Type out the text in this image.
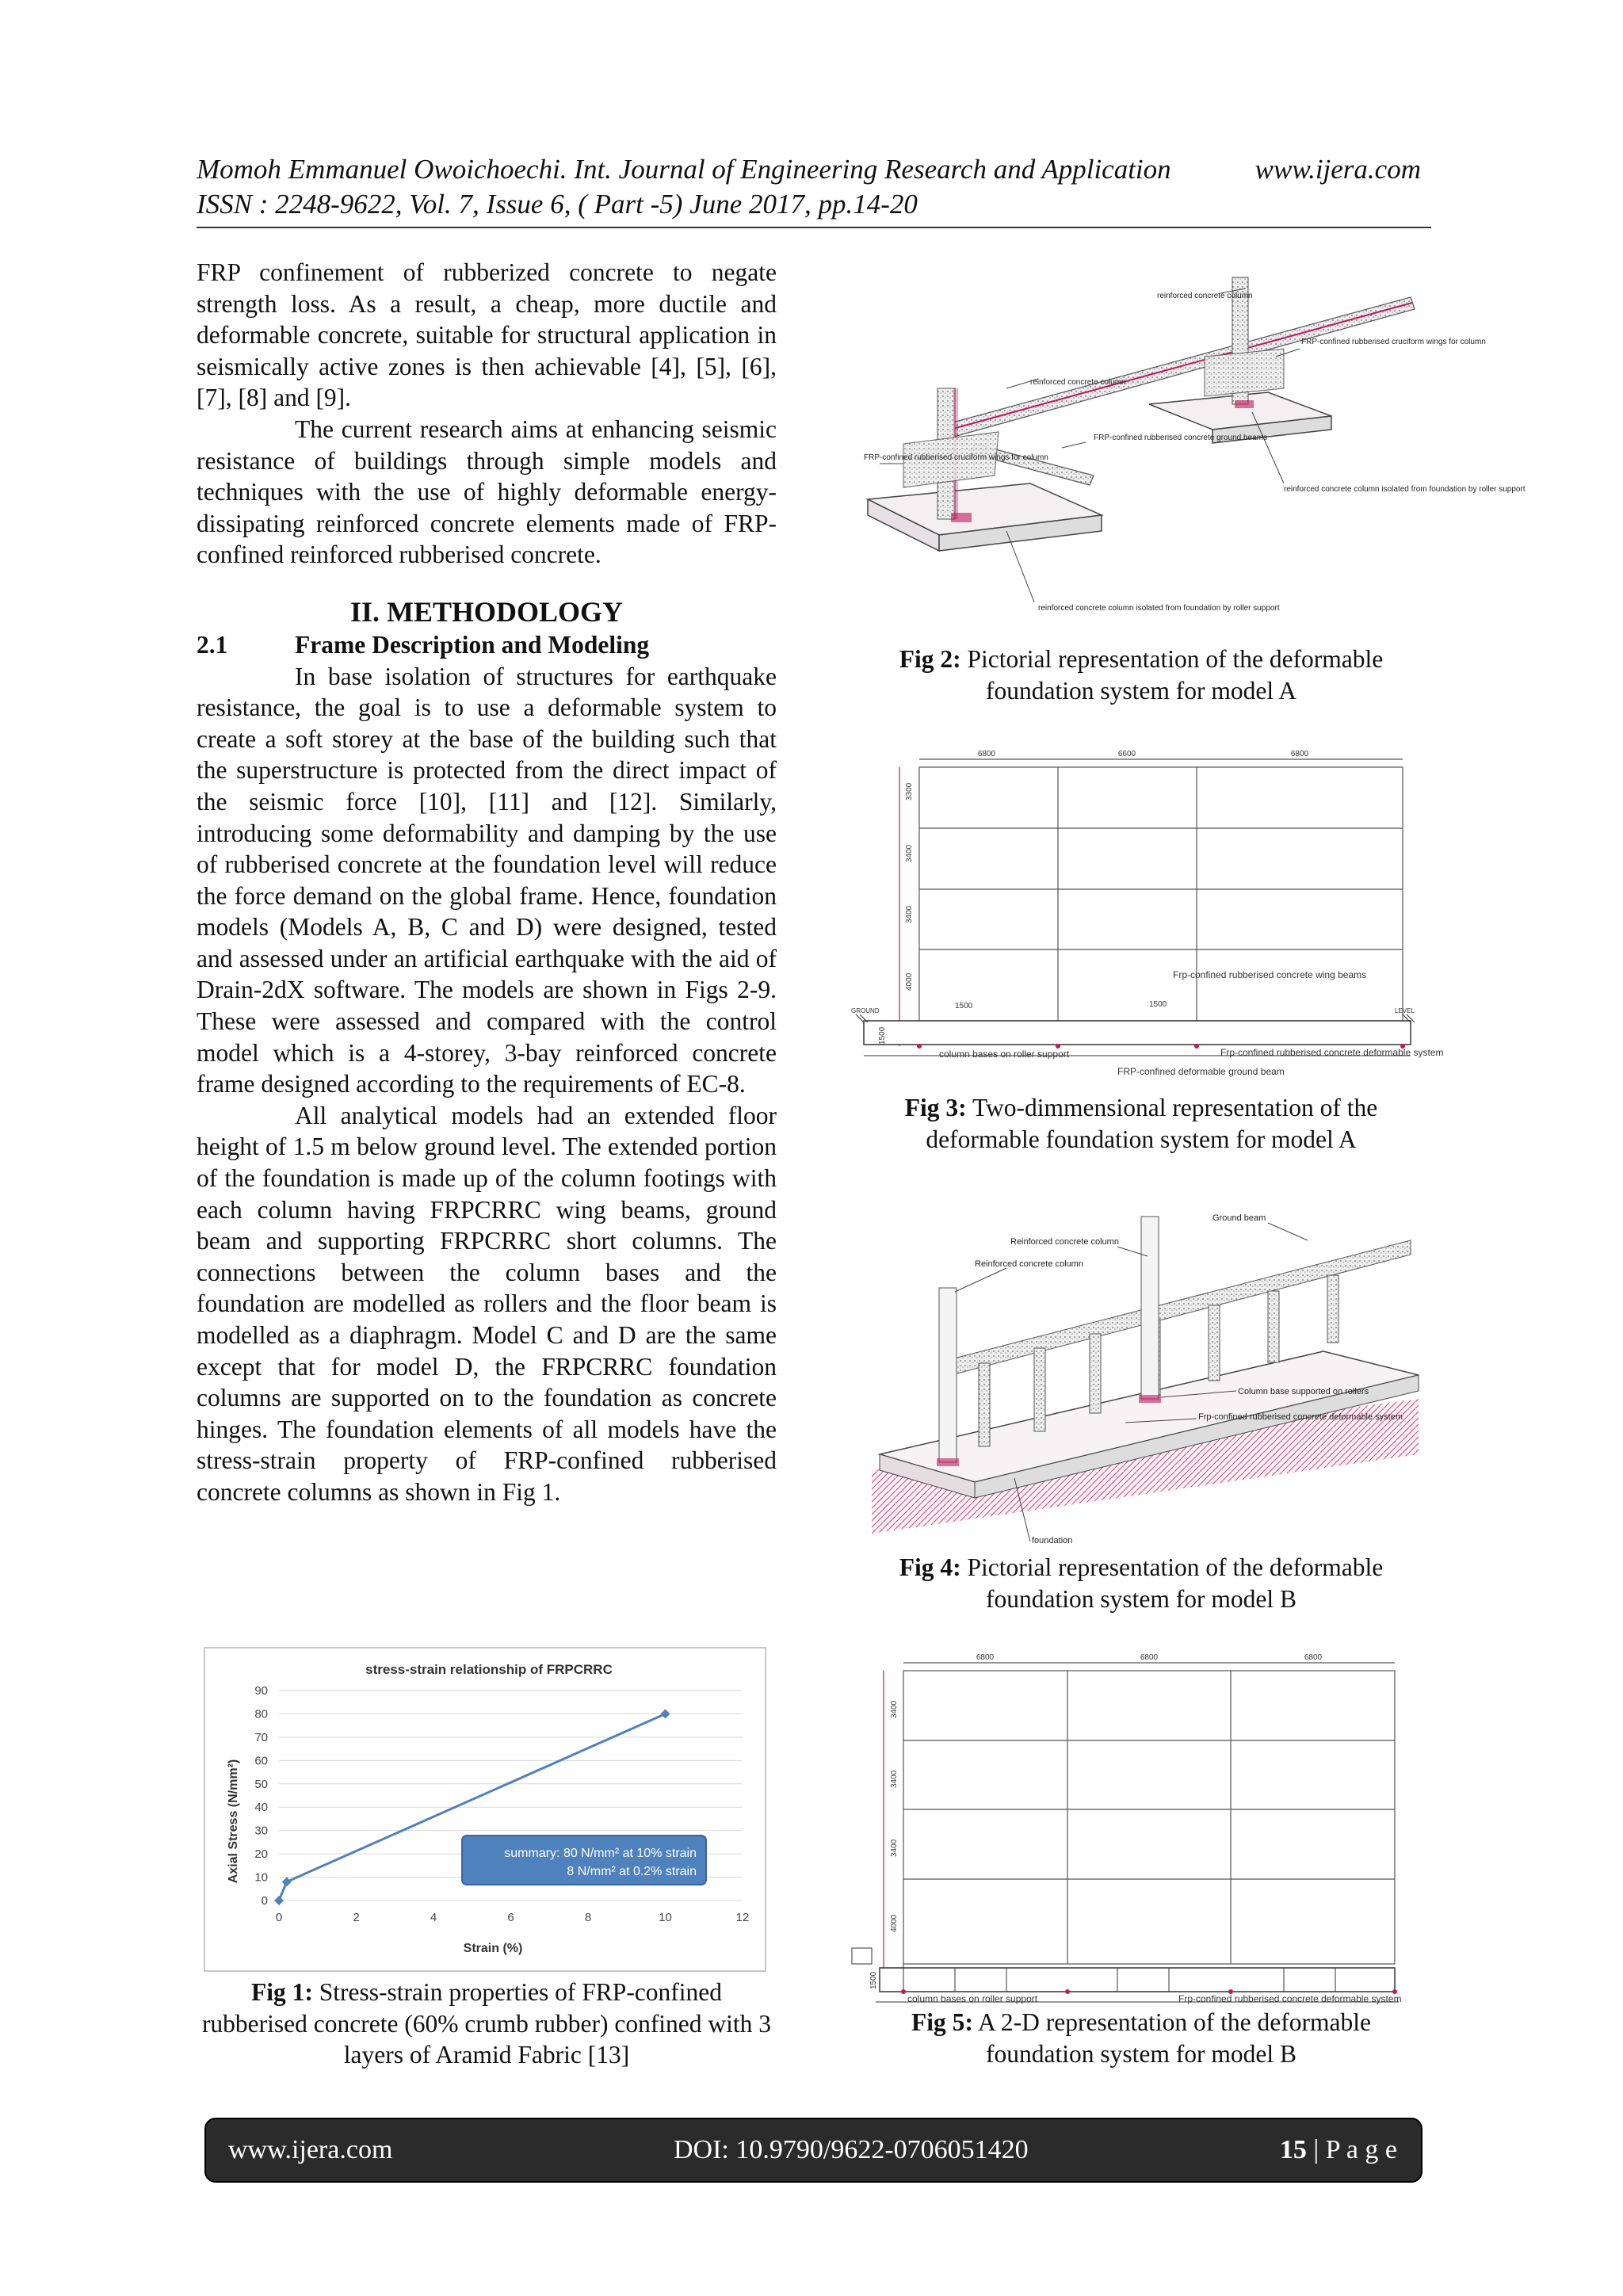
Momoh Emmanuel Owoichoechi. Int. Journal of Engineering Research and Application	www.ijera.com
ISSN : 2248-9622, Vol. 7, Issue 6, ( Part -5) June 2017, pp.14-20

FRP confinement of rubberized concrete to negate strength loss. As a result, a cheap, more ductile and deformable concrete, suitable for structural application in seismically active zones is then achievable [4], [5], [6], [7], [8] and [9].

The current research aims at enhancing seismic resistance of buildings through simple models and techniques with the use of highly deformable energy-dissipating reinforced concrete elements made of FRP-confined reinforced rubberised concrete.

II. METHODOLOGY
2.1	Frame Description and Modeling

In base isolation of structures for earthquake resistance, the goal is to use a deformable system to create a soft storey at the base of the building such that the superstructure is protected from the direct impact of the seismic force [10], [11] and [12]. Similarly, introducing some deformability and damping by the use of rubberised concrete at the foundation level will reduce the force demand on the global frame. Hence, foundation models (Models A, B, C and D) were designed, tested and assessed under an artificial earthquake with the aid of Drain-2dX software. The models are shown in Figs 2-9. These were assessed and compared with the control model which is a 4-storey, 3-bay reinforced concrete frame designed according to the requirements of EC-8.

All analytical models had an extended floor height of 1.5 m below ground level. The extended portion of the foundation is made up of the column footings with each column having FRPCRRC wing beams, ground beam and supporting FRPCRRC short columns. The connections between the column bases and the foundation are modelled as rollers and the floor beam is modelled as a diaphragm. Model C and D are the same except that for model D, the FRPCRRC foundation columns are supported on to the foundation as concrete hinges. The foundation elements of all models have the stress-strain property of FRP-confined rubberised concrete columns as shown in Fig 1.

stress-strain relationship of FRPCRRC
0
10
20
30
40
50
60
70
80
90
0	2	4	6	8	10	12
Strain (%)
Axial Stress (N/mm²)	summary: 80 N/mm² at 10% strain
8 N/mm² at 0.2% strain
Fig 1: Stress-strain properties of FRP-confined rubberised concrete (60% crumb rubber) confined with 3 layers of Aramid Fabric [13]
reinforced concrete column
FRP-confined rubberised cruciform wings for column
reinforced concrete column
FRP-confined rubberised concrete ground beams
FRP-confined rubberised cruciform wings for column
reinforced concrete column isolated from foundation by roller support
reinforced concrete column isolated from foundation by roller support
Fig 2: Pictorial representation of the deformable foundation system for model A
6800	6600	6800
3300
3400
3400
4000
1500
1500	1500
GROUND	LEVEL
Frp-confined rubberised concrete wing beams
column bases on roller support
FRP-confined deformable ground beam
Frp-confined rubberised concrete deformable system
Fig 3: Two-dimmensional representation of the deformable foundation system for model A
Ground beam
Reinforced concrete column
Reinforced concrete column
Column base supported on rollers
Frp-confined rubberised concrete deformable system
foundation
Fig 4: Pictorial representation of the deformable foundation system for model B
6800	6800	6800
3400
3400
3400
4000
1500
column bases on roller support	Frp-confined rubberised concrete deformable system
Fig 5: A 2-D representation of the deformable foundation system for model B
www.ijera.com	DOI: 10.9790/9622-0706051420	15 | P a g e
